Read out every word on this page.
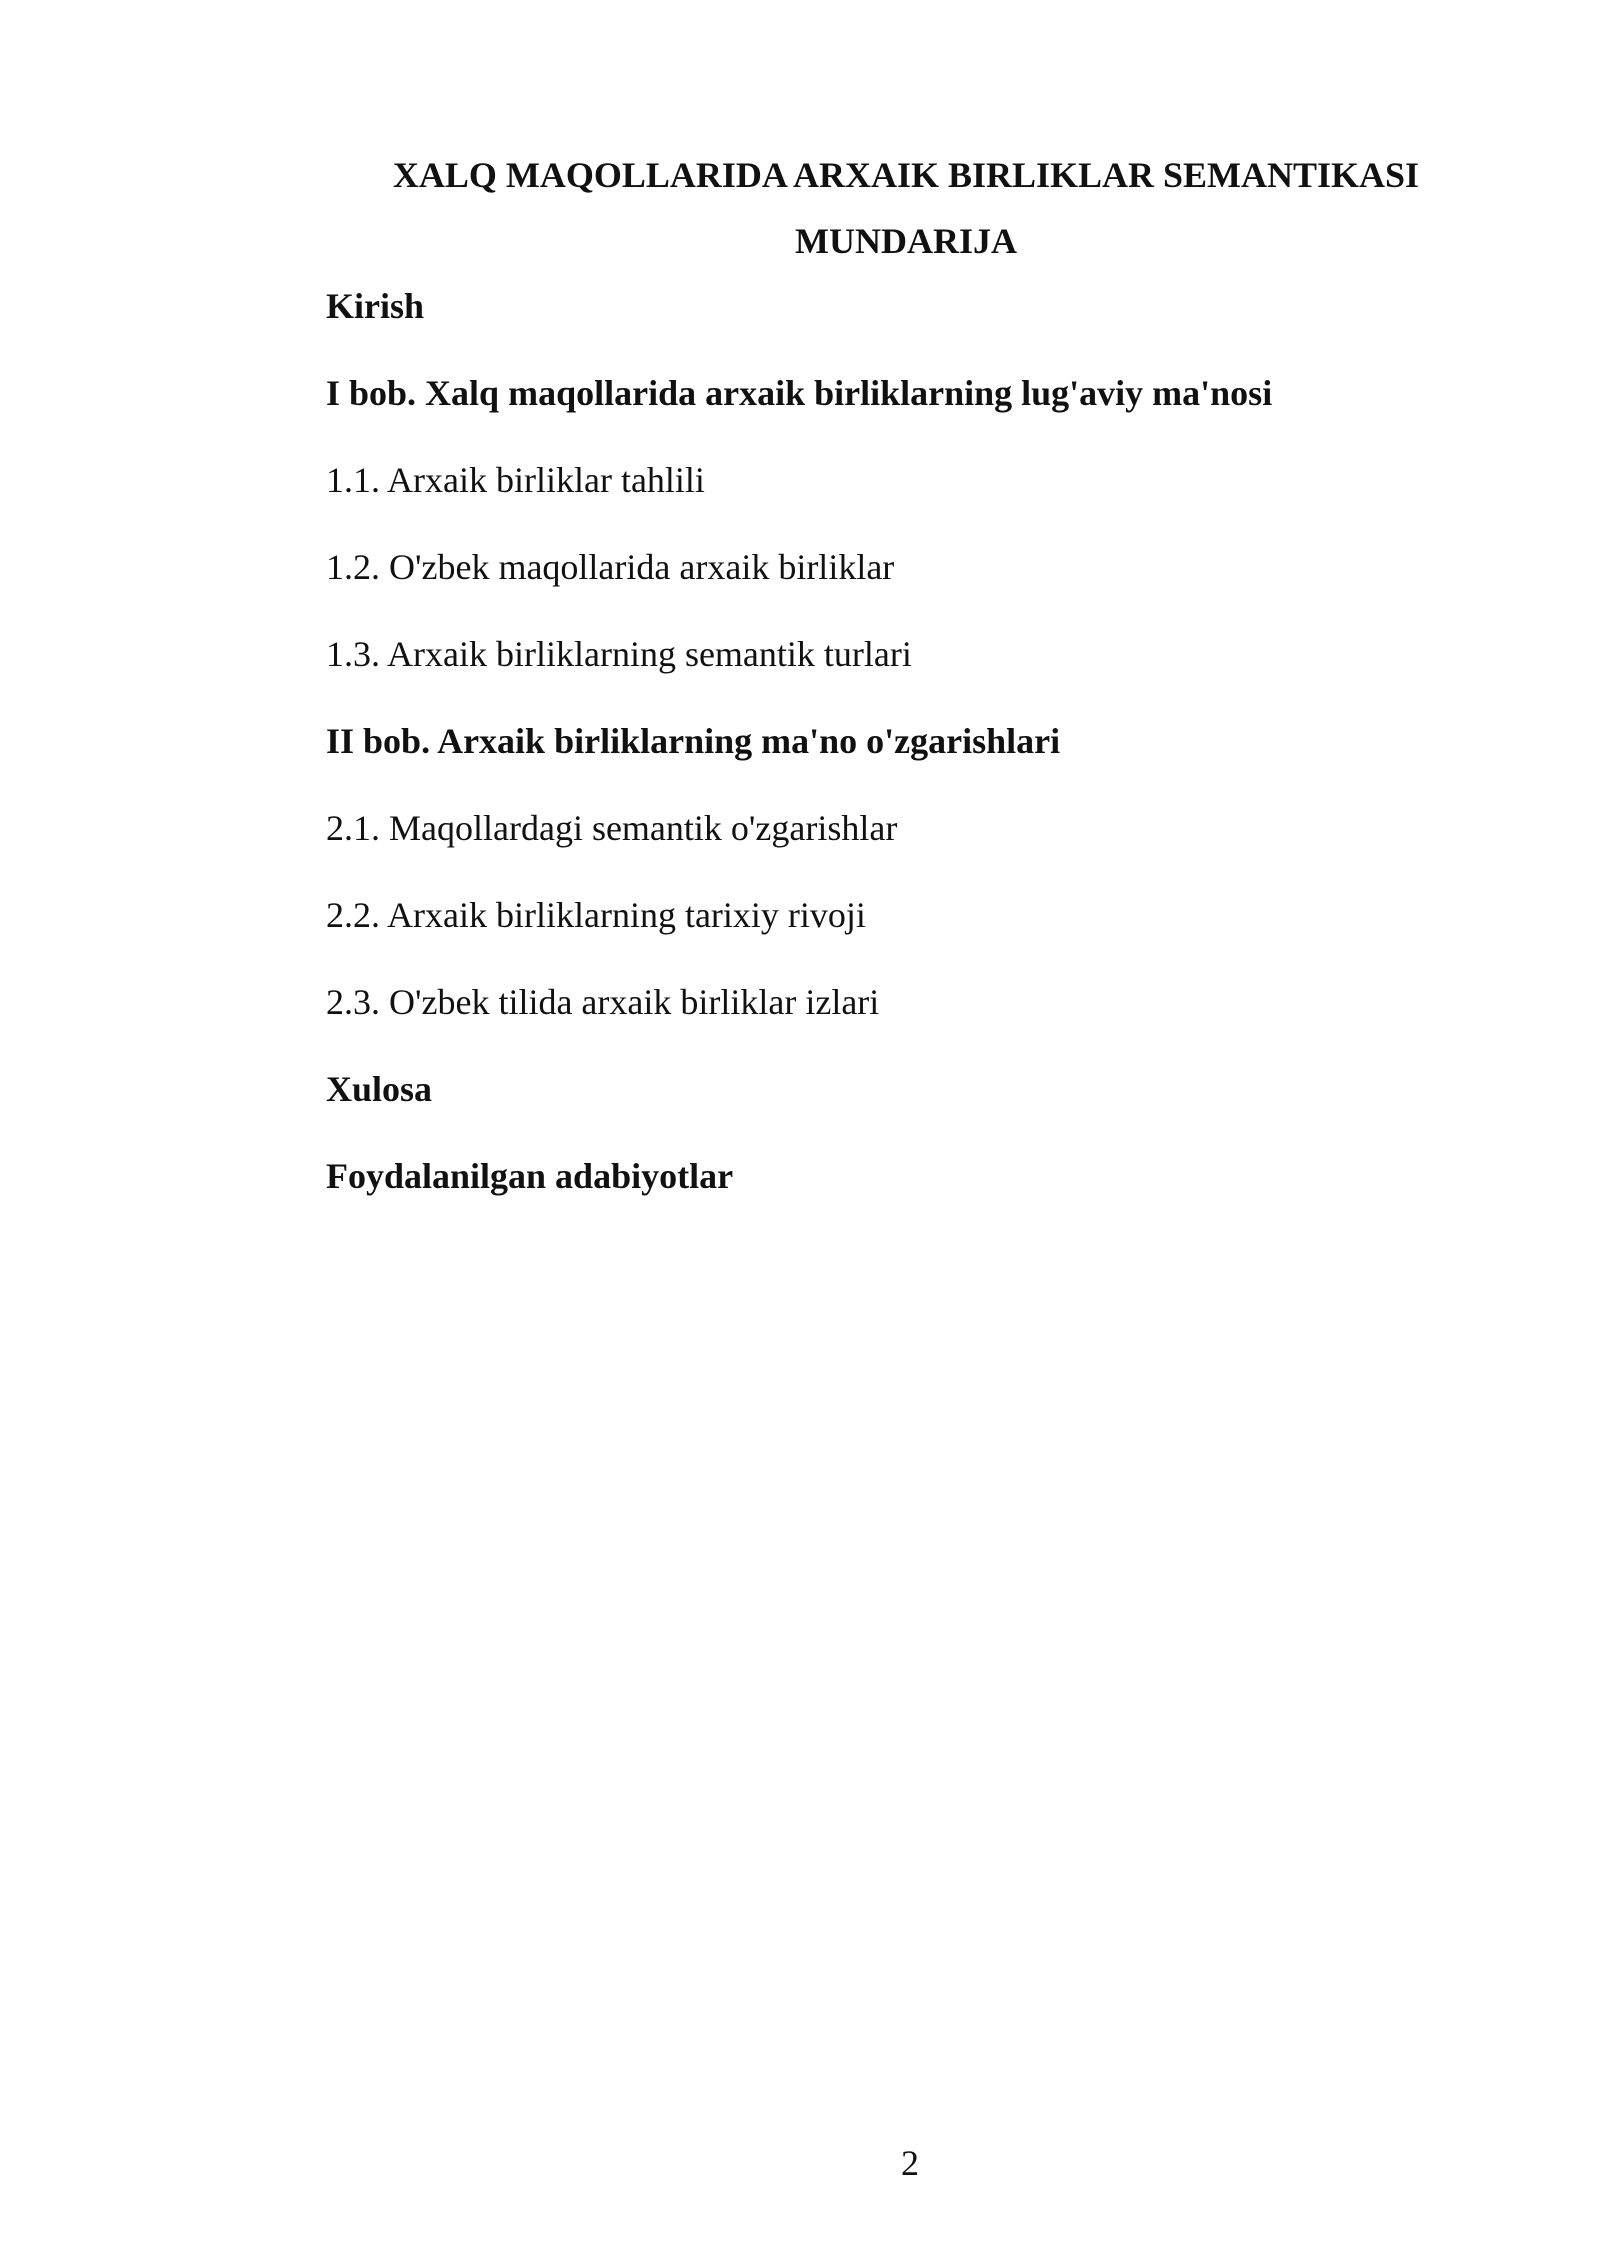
XALQ MAQOLLARIDA ARXAIK BIRLIKLAR SEMANTIKASI
MUNDARIJA
Kirish
I bob. Xalq maqollarida arxaik birliklarning lug'aviy ma'nosi
1.1. Arxaik birliklar tahlili
1.2. O'zbek maqollarida arxaik birliklar
1.3. Arxaik birliklarning semantik turlari
II bob. Arxaik birliklarning ma'no o'zgarishlari
2.1. Maqollardagi semantik o'zgarishlar
2.2. Arxaik birliklarning tarixiy rivoji
2.3. O'zbek tilida arxaik birliklar izlari
Xulosa
Foydalanilgan adabiyotlar

2
